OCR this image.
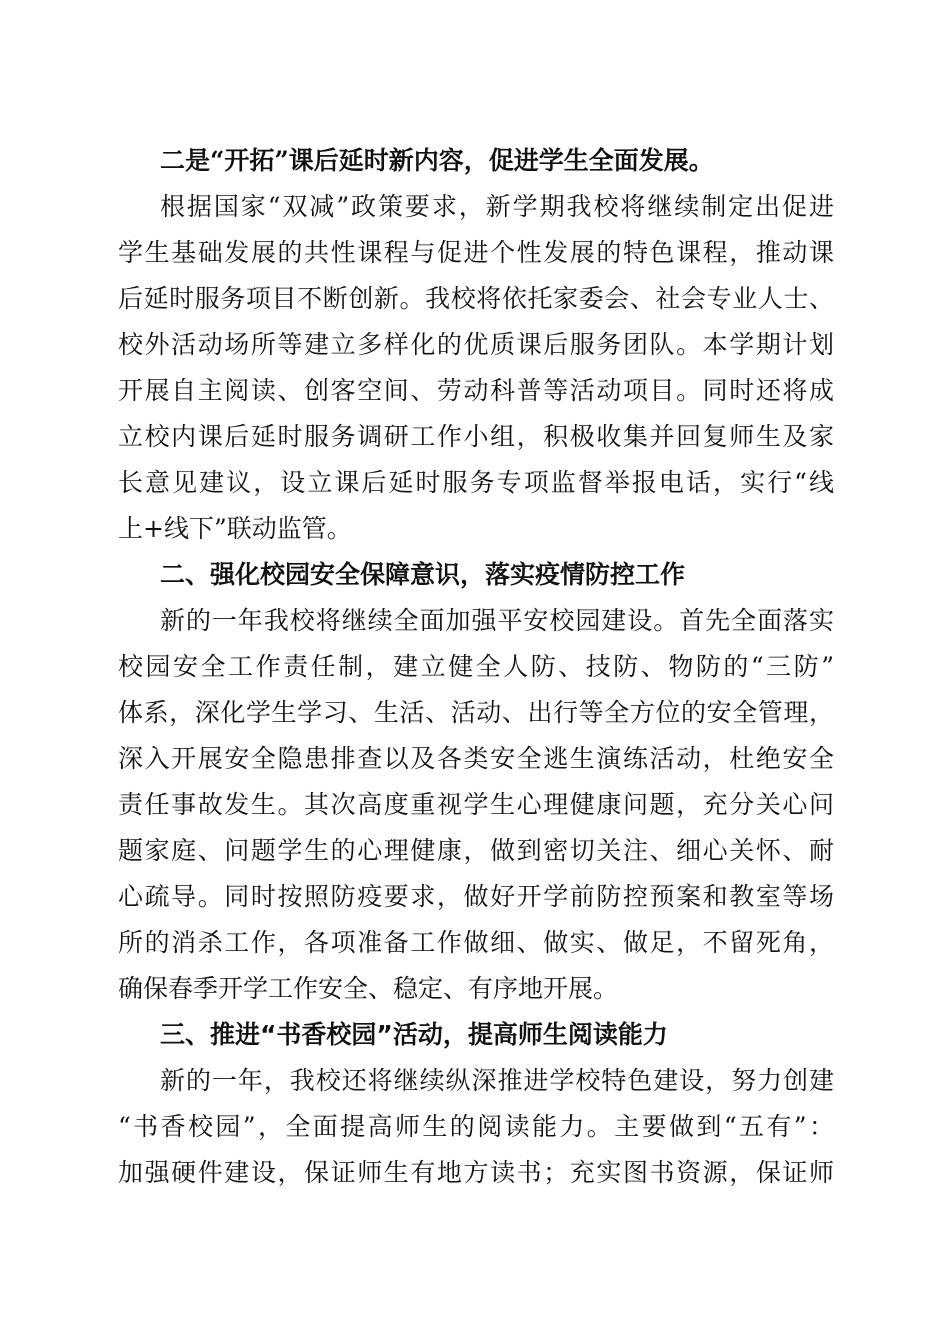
二是“开拓”课后延时新内容，促进学生全面发展。
根据国家“双减”政策要求，新学期我校将继续制定出促进
学生基础发展的共性课程与促进个性发展的特色课程，推动课
后延时服务项目不断创新。我校将依托家委会、社会专业人士、
校外活动场所等建立多样化的优质课后服务团队。本学期计划
开展自主阅读、创客空间、劳动科普等活动项目。同时还将成
立校内课后延时服务调研工作小组，积极收集并回复师生及家
长意见建议，设立课后延时服务专项监督举报电话，实行“线
上+线下”联动监管。
二、强化校园安全保障意识，落实疫情防控工作
新的一年我校将继续全面加强平安校园建设。首先全面落实
校园安全工作责任制，建立健全人防、技防、物防的“三防”
体系，深化学生学习、生活、活动、出行等全方位的安全管理，
深入开展安全隐患排查以及各类安全逃生演练活动，杜绝安全
责任事故发生。其次高度重视学生心理健康问题，充分关心问
题家庭、问题学生的心理健康，做到密切关注、细心关怀、耐
心疏导。同时按照防疫要求，做好开学前防控预案和教室等场
所的消杀工作，各项准备工作做细、做实、做足，不留死角，
确保春季开学工作安全、稳定、有序地开展。
三、推进“书香校园”活动，提高师生阅读能力
新的一年，我校还将继续纵深推进学校特色建设，努力创建
“书香校园”，全面提高师生的阅读能力。主要做到“五有”：
加强硬件建设，保证师生有地方读书；充实图书资源，保证师
